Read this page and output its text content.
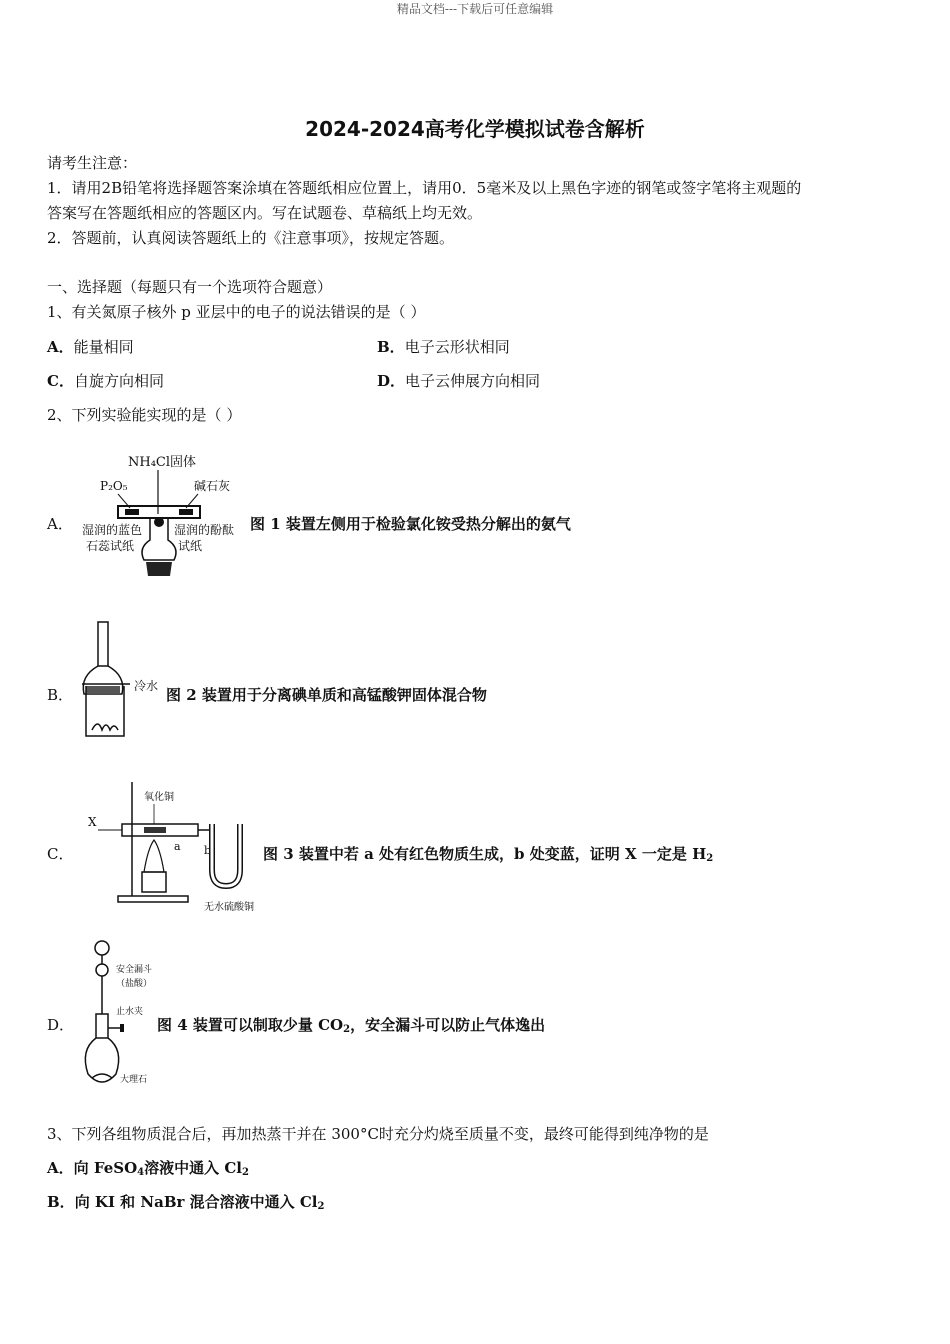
精品文档---下载后可任意编辑
2024-2024高考化学模拟试卷含解析
请考生注意：
1．请用2B铅笔将选择题答案涂填在答题纸相应位置上，请用0．5毫米及以上黑色字迹的钢笔或签字笔将主观题的
答案写在答题纸相应的答题区内。写在试题卷、草稿纸上均无效。
2．答题前，认真阅读答题纸上的《注意事项》，按规定答题。
一、选择题（每题只有一个选项符合题意）
1、有关氮原子核外 p 亚层中的电子的说法错误的是（ ）
A．能量相同	B．电子云形状相同
C．自旋方向相同	D．电子云伸展方向相同
2、下列实验能实现的是（ ）
A．
NH₄Cl固体
P₂O₅	碱石灰
湿润的蓝色
石蕊试纸
湿润的酚酞
试纸
图 1 装置左侧用于检验氯化铵受热分解出的氨气
B．	冷水 图 2 装置用于分离碘单质和高锰酸钾固体混合物
C．
X
氧化铜
a b
无水硫酸铜
图 3 装置中若 a 处有红色物质生成，b 处变蓝，证明 X 一定是 $H_2$
D．
安全漏斗
（盐酸）
止水夹
大理石
图 4 装置可以制取少量 $CO_2$，安全漏斗可以防止气体逸出
3、下列各组物质混合后，再加热蒸干并在 300°C时充分灼烧至质量不变，最终可能得到纯净物的是
A．向 FeSO$_4$溶液中通入 $Cl_2$
B．向 KI 和 NaBr 混合溶液中通入 $Cl_2$
